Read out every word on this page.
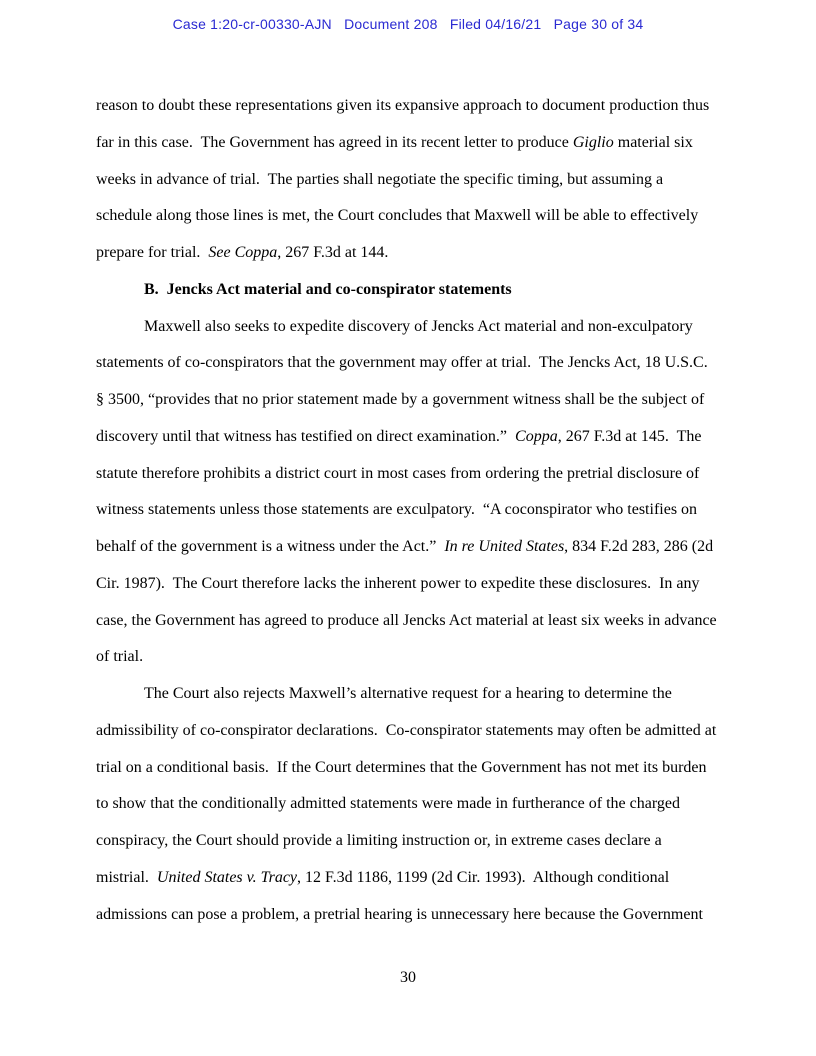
Case 1:20-cr-00330-AJN   Document 208   Filed 04/16/21   Page 30 of 34
reason to doubt these representations given its expansive approach to document production thus
far in this case.  The Government has agreed in its recent letter to produce Giglio material six
weeks in advance of trial.  The parties shall negotiate the specific timing, but assuming a
schedule along those lines is met, the Court concludes that Maxwell will be able to effectively
prepare for trial.  See Coppa, 267 F.3d at 144.
B.  Jencks Act material and co-conspirator statements
Maxwell also seeks to expedite discovery of Jencks Act material and non-exculpatory
statements of co-conspirators that the government may offer at trial.  The Jencks Act, 18 U.S.C.
§ 3500, “provides that no prior statement made by a government witness shall be the subject of
discovery until that witness has testified on direct examination.”  Coppa, 267 F.3d at 145.  The
statute therefore prohibits a district court in most cases from ordering the pretrial disclosure of
witness statements unless those statements are exculpatory.  “A coconspirator who testifies on
behalf of the government is a witness under the Act.”  In re United States, 834 F.2d 283, 286 (2d
Cir. 1987).  The Court therefore lacks the inherent power to expedite these disclosures.  In any
case, the Government has agreed to produce all Jencks Act material at least six weeks in advance
of trial.
The Court also rejects Maxwell’s alternative request for a hearing to determine the
admissibility of co-conspirator declarations.  Co-conspirator statements may often be admitted at
trial on a conditional basis.  If the Court determines that the Government has not met its burden
to show that the conditionally admitted statements were made in furtherance of the charged
conspiracy, the Court should provide a limiting instruction or, in extreme cases declare a
mistrial.  United States v. Tracy, 12 F.3d 1186, 1199 (2d Cir. 1993).  Although conditional
admissions can pose a problem, a pretrial hearing is unnecessary here because the Government
30
